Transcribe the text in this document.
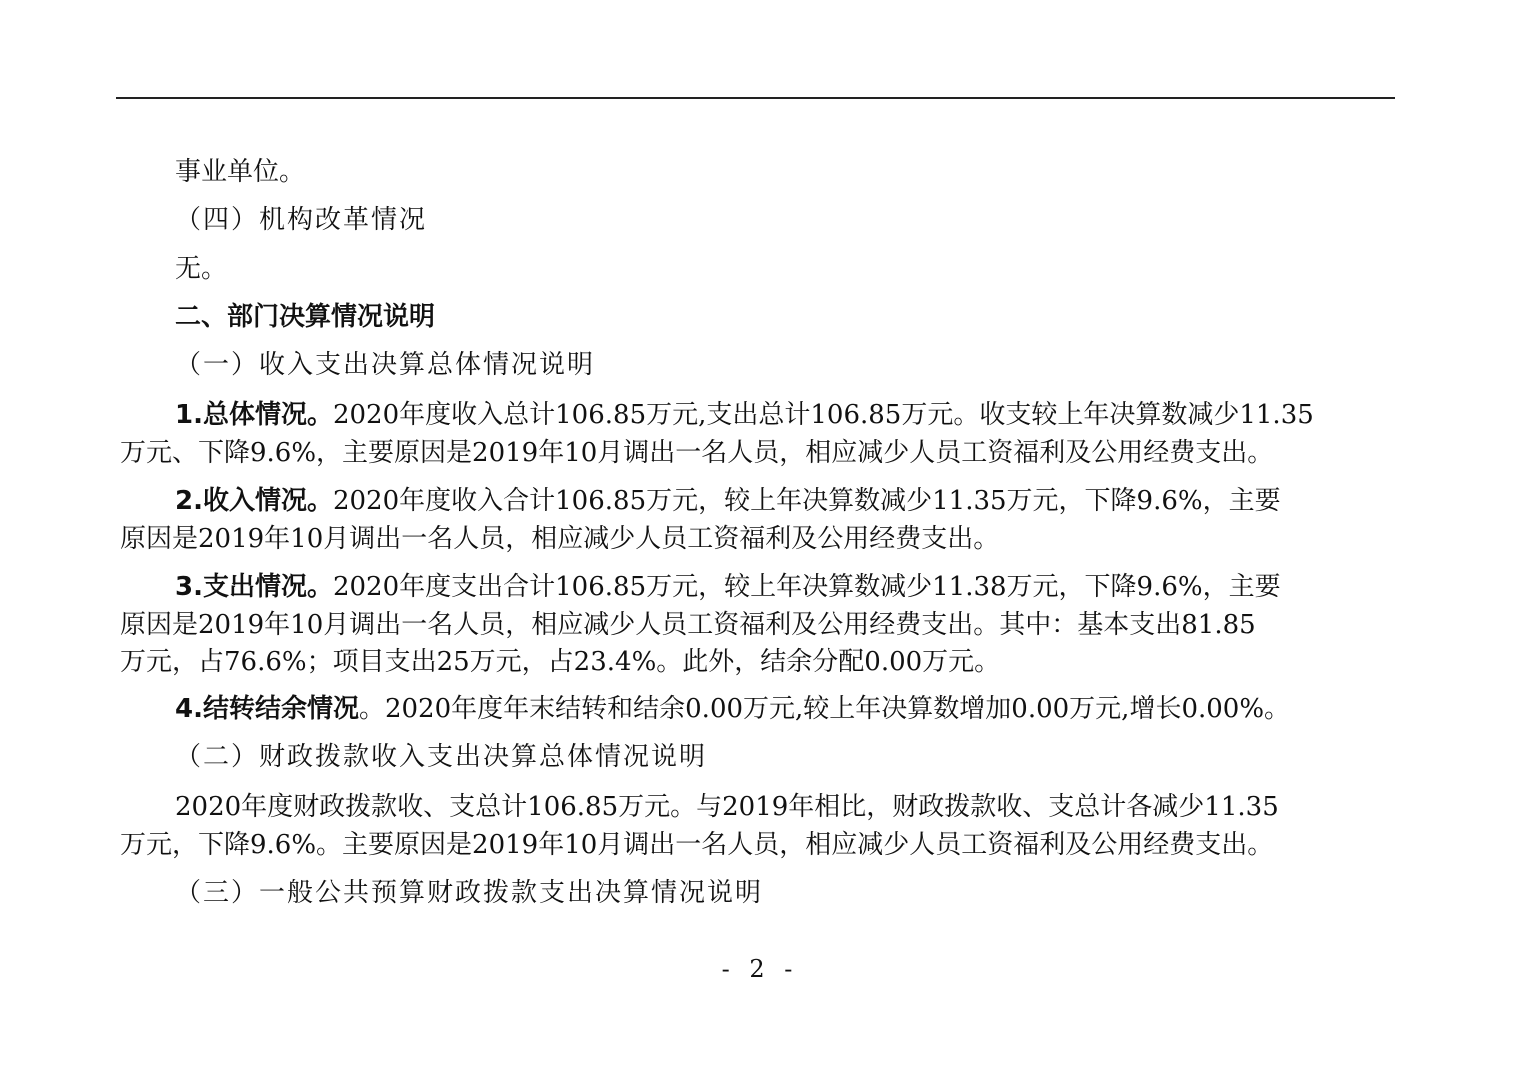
事业单位。
（四）机构改革情况
无。
二、部门决算情况说明
（一）收入支出决算总体情况说明
1.总体情况。2020年度收入总计106.85万元,支出总计106.85万元。收支较上年决算数减少11.35
万元、下降9.6%，主要原因是2019年10月调出一名人员，相应减少人员工资福利及公用经费支出。
2.收入情况。2020年度收入合计106.85万元，较上年决算数减少11.35万元，下降9.6%，主要
原因是2019年10月调出一名人员，相应减少人员工资福利及公用经费支出。
3.支出情况。2020年度支出合计106.85万元，较上年决算数减少11.38万元，下降9.6%，主要
原因是2019年10月调出一名人员，相应减少人员工资福利及公用经费支出。其中：基本支出81.85
万元，占76.6%；项目支出25万元，占23.4%。此外，结余分配0.00万元。
4.结转结余情况。2020年度年末结转和结余0.00万元,较上年决算数增加0.00万元,增长0.00%。
（二）财政拨款收入支出决算总体情况说明
2020年度财政拨款收、支总计106.85万元。与2019年相比，财政拨款收、支总计各减少11.35
万元，下降9.6%。主要原因是2019年10月调出一名人员，相应减少人员工资福利及公用经费支出。
（三）一般公共预算财政拨款支出决算情况说明
- 2 -
